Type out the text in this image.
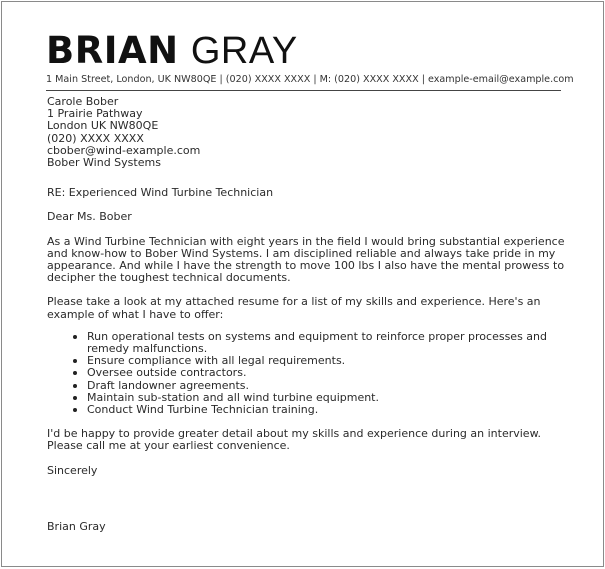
BRIAN GRAY
1 Main Street, London, UK NW80QE | (020) XXXX XXXX | M: (020) XXXX XXXX | example-email@example.com
Carole Bober
1 Prairie Pathway
London UK NW80QE
(020) XXXX XXXX
cbober@wind-example.com
Bober Wind Systems
RE: Experienced Wind Turbine Technician
Dear Ms. Bober
As a Wind Turbine Technician with eight years in the field I would bring substantial experience
and know-how to Bober Wind Systems. I am disciplined reliable and always take pride in my
appearance. And while I have the strength to move 100 lbs I also have the mental prowess to
decipher the toughest technical documents.
Please take a look at my attached resume for a list of my skills and experience. Here's an
example of what I have to offer:
Run operational tests on systems and equipment to reinforce proper processes and
remedy malfunctions.
Ensure compliance with all legal requirements.
Oversee outside contractors.
Draft landowner agreements.
Maintain sub-station and all wind turbine equipment.
Conduct Wind Turbine Technician training.
I'd be happy to provide greater detail about my skills and experience during an interview.
Please call me at your earliest convenience.
Sincerely
Brian Gray
